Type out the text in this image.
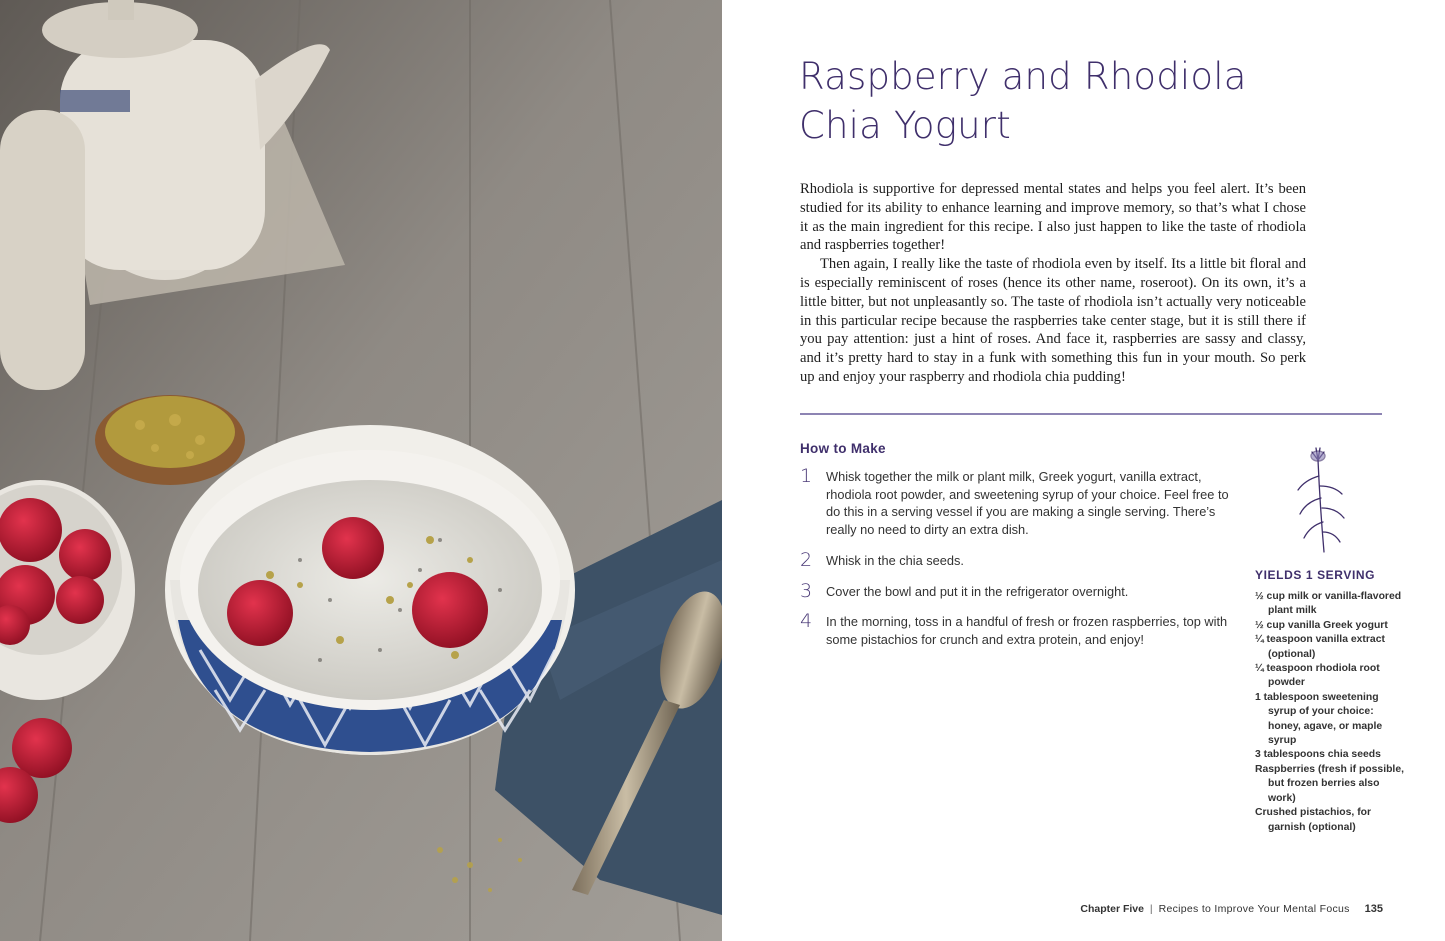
Raspberry and Rhodiola
Chia Yogurt

Rhodiola is supportive for depressed mental states and helps you feel alert. It’s been studied for its ability to enhance learning and improve memory, so that’s what I chose it as the main ingredient for this recipe. I also just happen to like the taste of rhodiola and raspberries together!

Then again, I really like the taste of rhodiola even by itself. Its a little bit floral and is especially reminiscent of roses (hence its other name, roseroot). On its own, it’s a little bitter, but not unpleasantly so. The taste of rhodiola isn’t actually very noticeable in this particular recipe because the raspberries take center stage, but it is still there if you pay attention: just a hint of roses. And face it, raspberries are sassy and classy, and it’s pretty hard to stay in a funk with something this fun in your mouth. So perk up and enjoy your raspberry and rhodiola chia pudding!

How to Make
1 Whisk together the milk or plant milk, Greek yogurt, vanilla extract, rhodiola root powder, and sweetening syrup of your choice. Feel free to do this in a serving vessel if you are making a single serving. There’s really no need to dirty an extra dish.
2 Whisk in the chia seeds.
3 Cover the bowl and put it in the refrigerator overnight.
4 In the morning, toss in a handful of fresh or frozen raspberries, top with some pistachios for crunch and extra protein, and enjoy!

YIELDS 1 SERVING

½ cup milk or vanilla-flavored plant milk
½ cup vanilla Greek yogurt
¼ teaspoon vanilla extract (optional)
¼ teaspoon rhodiola root powder
1 tablespoon sweetening syrup of your choice: honey, agave, or maple syrup
3 tablespoons chia seeds
Raspberries (fresh if possible, but frozen berries also work)
Crushed pistachios, for garnish (optional)
Chapter Five | Recipes to Improve Your Mental Focus 135
